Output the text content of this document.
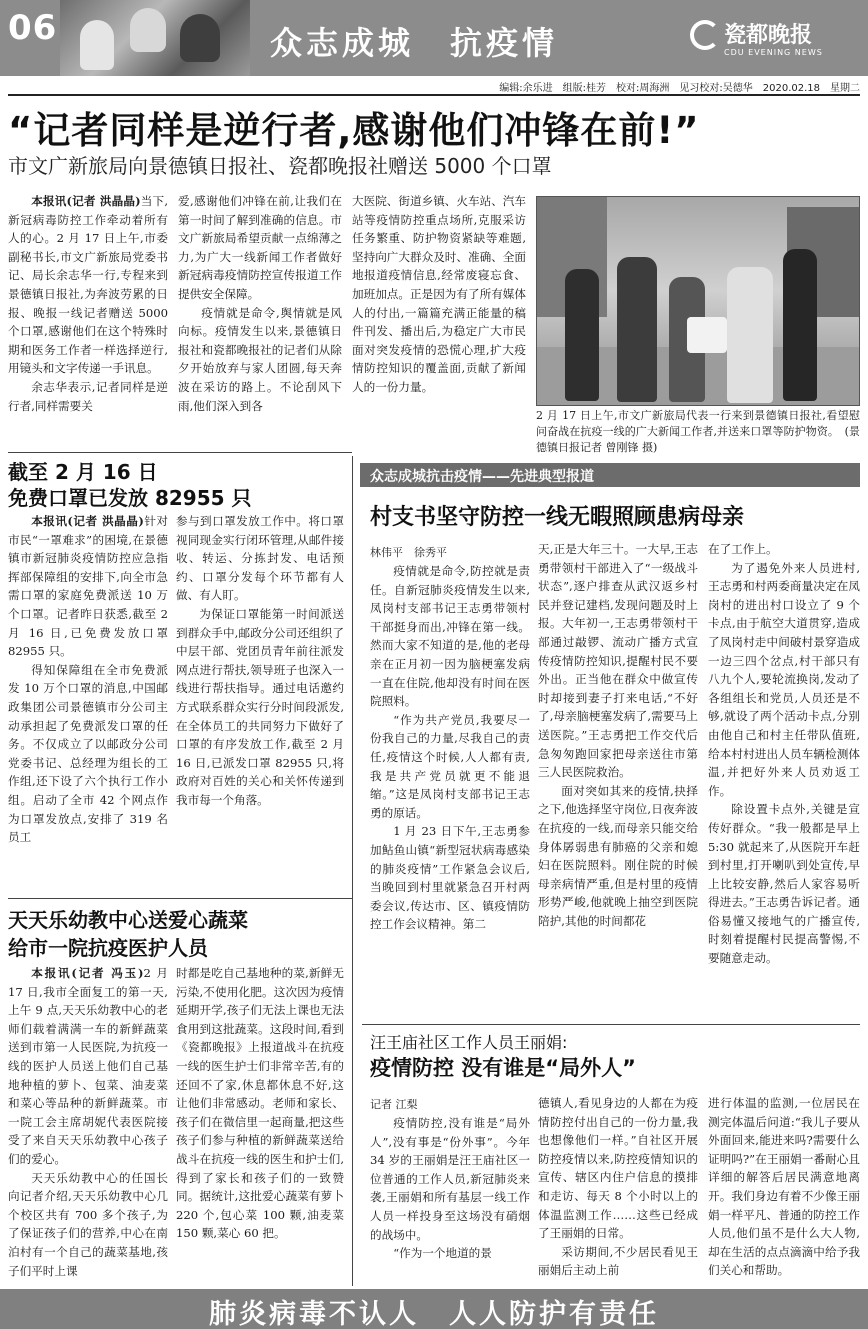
06	众志成城　抗疫情	瓷都晚报
CDU EVENING NEWS
编辑:余乐进　组版:桂芳　校对:周海洲　见习校对:吴德华　2020.02.18　星期二
“记者同样是逆行者,感谢他们冲锋在前!”
市文广新旅局向景德镇日报社、瓷都晚报社赠送 5000 个口罩

本报讯(记者 洪晶晶)当下,新冠病毒防控工作牵动着所有人的心。2 月 17 日上午,市委副秘书长,市文广新旅局党委书记、局长余志华一行,专程来到景德镇日报社,为奔波劳累的日报、晚报一线记者赠送 5000 个口罩,感谢他们在这个特殊时期和医务工作者一样选择逆行,用镜头和文字传递一手讯息。

余志华表示,记者同样是逆行者,同样需要关

爱,感谢他们冲锋在前,让我们在第一时间了解到准确的信息。市文广新旅局希望贡献一点绵薄之力,为广大一线新闻工作者做好新冠病毒疫情防控宣传报道工作提供安全保障。

疫情就是命令,舆情就是风向标。疫情发生以来,景德镇日报社和瓷都晚报社的记者们从除夕开始放弃与家人团圆,每天奔波在采访的路上。不论刮风下雨,他们深入到各

大医院、街道乡镇、火车站、汽车站等疫情防控重点场所,克服采访任务繁重、防护物资紧缺等难题,坚持向广大群众及时、准确、全面地报道疫情信息,经常废寝忘食、加班加点。正是因为有了所有媒体人的付出,一篇篇充满正能量的稿件刊发、播出后,为稳定广大市民面对突发疫情的恐慌心理,扩大疫情防控知识的覆盖面,贡献了新闻人的一份力量。

2 月 17 日上午,市文广新旅局代表一行来到景德镇日报社,看望慰问奋战在抗疫一线的广大新闻工作者,并送来口罩等防护物资。　(景德镇日报记者 曾刚锋 摄)
截至 2 月 16 日
免费口罩已发放 82955 只

本报讯(记者 洪晶晶)针对市民“一罩难求”的困境,在景德镇市新冠肺炎疫情防控应急指挥部保障组的安排下,向全市急需口罩的家庭免费派送 10 万个口罩。记者昨日获悉,截至 2 月 16 日,已免费发放口罩 82955 只。

得知保障组在全市免费派发 10 万个口罩的消息,中国邮政集团公司景德镇市分公司主动承担起了免费派发口罩的任务。不仅成立了以邮政分公司党委书记、总经理为组长的工作组,还下设了六个执行工作小组。启动了全市 42 个网点作为口罩发放点,安排了 319 名员工

参与到口罩发放工作中。将口罩视同现金实行闭环管理,从邮件接收、转运、分拣封发、电话预约、口罩分发每个环节都有人做、有人盯。

为保证口罩能第一时间派送到群众手中,邮政分公司还组织了中层干部、党团员青年前往派发网点进行帮扶,领导班子也深入一线进行帮扶指导。通过电话邀约方式联系群众实行分时间段派发,在全体员工的共同努力下做好了口罩的有序发放工作,截至 2 月 16 日,已派发口罩 82955 只,将政府对百姓的关心和关怀传递到我市每一个角落。

天天乐幼教中心送爱心蔬菜
给市一院抗疫医护人员

本报讯(记者 冯玉)2 月 17 日,我市全面复工的第一天,上午 9 点,天天乐幼教中心的老师们载着满满一车的新鲜蔬菜送到市第一人民医院,为抗疫一线的医护人员送上他们自己基地种植的萝卜、包菜、油麦菜和菜心等品种的新鲜蔬菜。市一院工会主席胡妮代表医院接受了来自天天乐幼教中心孩子们的爱心。

天天乐幼教中心的任国长向记者介绍,天天乐幼教中心几个校区共有 700 多个孩子,为了保证孩子们的营养,中心在南泊村有一个自己的蔬菜基地,孩子们平时上课

时都是吃自己基地种的菜,新鲜无污染,不使用化肥。这次因为疫情延期开学,孩子们无法上课也无法食用到这批蔬菜。这段时间,看到《瓷都晚报》上报道战斗在抗疫一线的医生护士们非常辛苦,有的还回不了家,休息都休息不好,这让他们非常感动。老师和家长、孩子们在微信里一起商量,把这些孩子们参与种植的新鲜蔬菜送给战斗在抗疫一线的医生和护士们,得到了家长和孩子们的一致赞同。据统计,这批爱心蔬菜有萝卜 220 个,包心菜 100 颗,油麦菜 150 颗,菜心 60 把。

众志成城抗击疫情——先进典型报道
村支书坚守防控一线无暇照顾患病母亲
林伟平　徐秀平

疫情就是命令,防控就是责任。自新冠肺炎疫情发生以来,凤岗村支部书记王志勇带领村干部挺身而出,冲锋在第一线。然而大家不知道的是,他的老母亲在正月初一因为脑梗塞发病一直在住院,他却没有时间在医院照料。

“作为共产党员,我要尽一份我自己的力量,尽我自己的责任,疫情这个时候,人人都有责,我是共产党员就更不能退缩。”这是凤岗村支部书记王志勇的原话。

1 月 23 日下午,王志勇参加鲇鱼山镇“新型冠状病毒感染的肺炎疫情”工作紧急会议后,当晚回到村里就紧急召开村两委会议,传达市、区、镇疫情防控工作会议精神。第二

天,正是大年三十。一大早,王志勇带领村干部进入了“一级战斗状态”,逐户排查从武汉返乡村民并登记建档,发现问题及时上报。大年初一,王志勇带领村干部通过敲锣、流动广播方式宣传疫情防控知识,提醒村民不要外出。正当他在群众中做宣传时却接到妻子打来电话,“不好了,母亲脑梗塞发病了,需要马上送医院。”王志勇把工作交代后急匆匆跑回家把母亲送往市第三人民医院救治。

面对突如其来的疫情,抉择之下,他选择坚守岗位,日夜奔波在抗疫的一线,而母亲只能交给身体孱弱患有肺癌的父亲和媳妇在医院照料。刚住院的时候母亲病情严重,但是村里的疫情形势严峻,他就晚上抽空到医院陪护,其他的时间都花

在了工作上。

为了遏免外来人员进村,王志勇和村两委商量决定在凤岗村的进出村口设立了 9 个卡点,由于航空大道贯穿,造成了凤岗村走中间破村景穿造成一边三四个岔点,村干部只有八九个人,要轮流换岗,发动了各组组长和党员,人员还是不够,就设了两个活动卡点,分别由他自己和村主任带队值班,给本村村进出人员车辆检测体温,并把好外来人员劝返工作。

除设置卡点外,关键是宣传好群众。“我一般都是早上 5:30 就起来了,从医院开车赶到村里,打开喇叭到处宣传,早上比较安静,然后人家容易听得进去。”王志勇告诉记者。通俗易懂又接地气的广播宣传,时刻着提醒村民提高警惕,不要随意走动。

汪王庙社区工作人员王丽娟:
疫情防控 没有谁是“局外人”
记者 江梨

疫情防控,没有谁是“局外人”,没有事是“份外事”。今年 34 岁的王丽娟是汪王庙社区一位普通的工作人员,新冠肺炎来袭,王丽娟和所有基层一线工作人员一样投身至这场没有硝烟的战场中。

“作为一个地道的景

德镇人,看见身边的人都在为疫情防控付出自己的一份力量,我也想像他们一样。”自社区开展防控疫情以来,防控疫情知识的宣传、辖区内住户信息的摸排和走访、每天 8 个小时以上的体温监测工作……这些已经成了王丽娟的日常。

采访期间,不少居民看见王丽娟后主动上前

进行体温的监测,一位居民在测完体温后问道:“我儿子要从外面回来,能进来吗?需要什么证明吗?”在王丽娟一番耐心且详细的解答后居民满意地离开。我们身边有着不少像王丽娟一样平凡、普通的防控工作人员,他们虽不是什么大人物,却在生活的点点滴滴中给予我们关心和帮助。

肺炎病毒不认人　人人防护有责任
